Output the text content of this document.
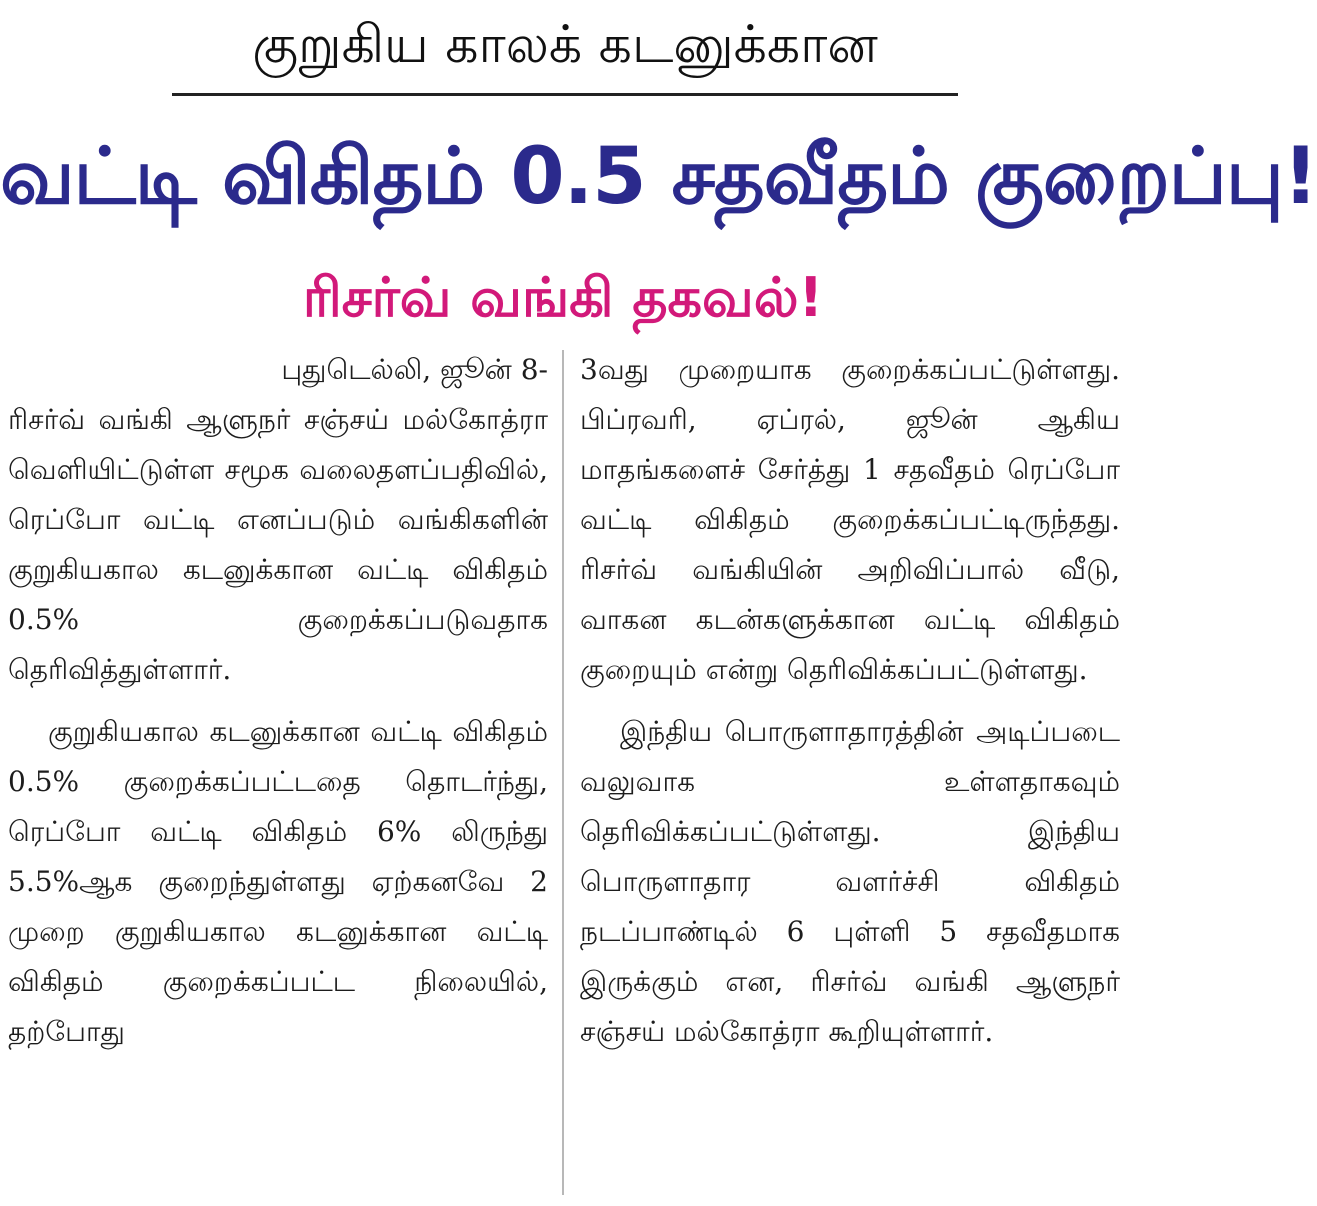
குறுகிய காலக் கடனுக்கான
வட்டி விகிதம் 0.5 சதவீதம் குறைப்பு!
ரிசர்வ் வங்கி தகவல்!
புதுடெல்லி, ஜூன் 8-

ரிசர்வ் வங்கி ஆளுநர் சஞ்சய் மல்கோத்ரா வெளியிட்டுள்ள சமூக வலைதளப்பதிவில், ரெப்போ வட்டி எனப்படும் வங்கிகளின் குறுகியகால கடனுக்கான வட்டி விகிதம் 0.5% குறைக்கப்படுவதாக தெரிவித்துள்ளார்.

குறுகியகால கடனுக்கான வட்டி விகிதம் 0.5% குறைக்கப்பட்டதை தொடர்ந்து, ரெப்போ வட்டி விகிதம் 6% லிருந்து 5.5%ஆக குறைந்துள்ளது ஏற்கனவே 2 முறை குறுகியகால கடனுக்கான வட்டி விகிதம் குறைக்கப்பட்ட நிலையில், தற்போது

3வது முறையாக குறைக்கப்பட்டுள்ளது. பிப்ரவரி, ஏப்ரல், ஜூன் ஆகிய மாதங்களைச் சேர்த்து 1 சதவீதம் ரெப்போ வட்டி விகிதம் குறைக்கப்பட்டிருந்தது. ரிசர்வ் வங்கியின் அறிவிப்பால் வீடு, வாகன கடன்களுக்கான வட்டி விகிதம் குறையும் என்று தெரிவிக்கப்பட்டுள்ளது.

இந்திய பொருளாதாரத்தின் அடிப்படை வலுவாக உள்ளதாகவும் தெரிவிக்கப்பட்டுள்ளது. இந்திய பொருளாதார வளர்ச்சி விகிதம் நடப்பாண்டில் 6 புள்ளி 5 சதவீதமாக இருக்கும் என, ரிசர்வ் வங்கி ஆளுநர் சஞ்சய் மல்கோத்ரா கூறியுள்ளார்.
